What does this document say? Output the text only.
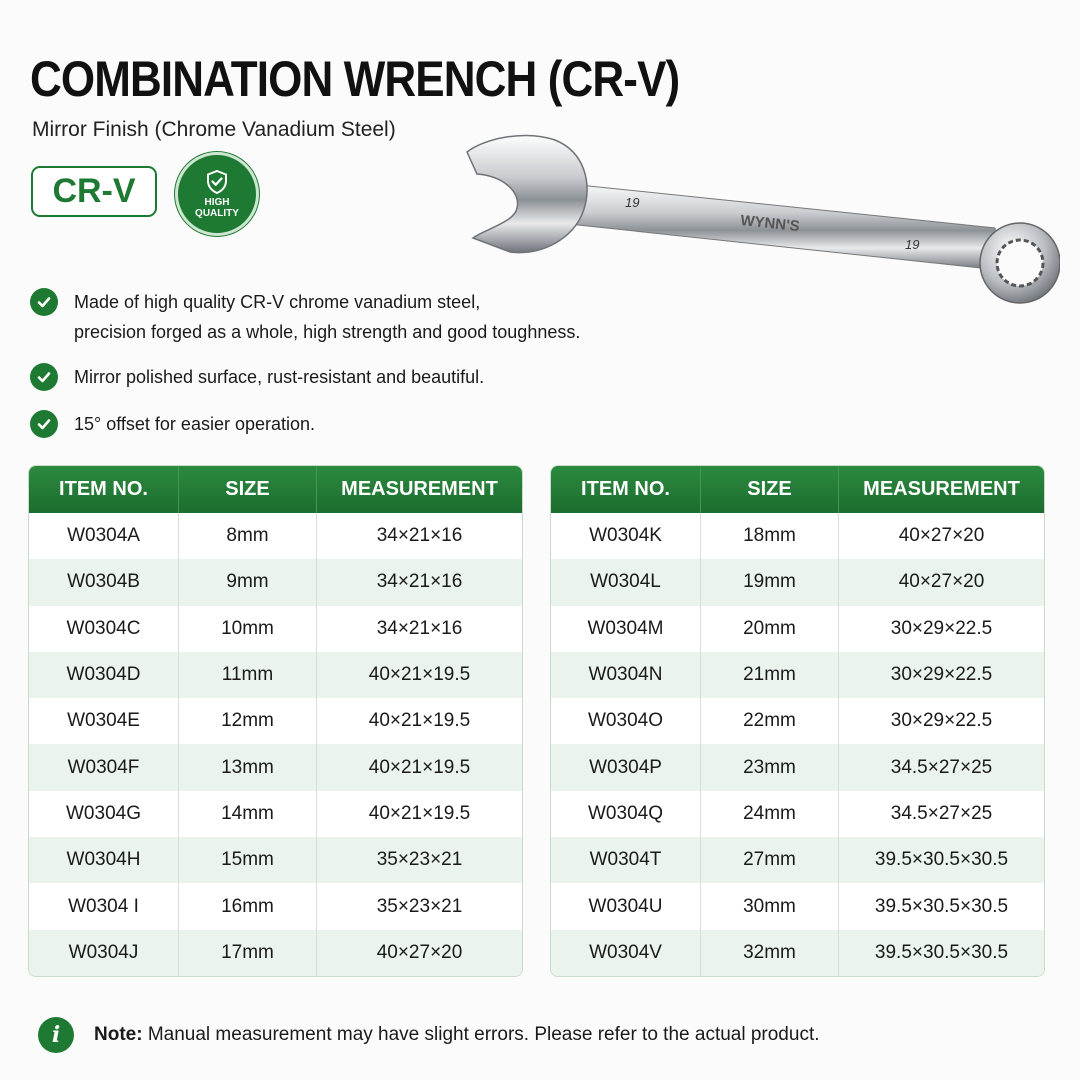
COMBINATION WRENCH (CR-V)
Mirror Finish (Chrome Vanadium Steel)
CR-V	HIGH
QUALITY
19
WYNN'S
19
Made of high quality CR-V chrome vanadium steel,
precision forged as a whole, high strength and good toughness.
Mirror polished surface, rust-resistant and beautiful.
15° offset for easier operation.
ITEM NO.	SIZE	MEASUREMENT
W0304A	8mm	34×21×16
W0304B	9mm	34×21×16
W0304C	10mm	34×21×16
W0304D	11mm	40×21×19.5
W0304E	12mm	40×21×19.5
W0304F	13mm	40×21×19.5
W0304G	14mm	40×21×19.5
W0304H	15mm	35×23×21
W0304 I	16mm	35×23×21
W0304J	17mm	40×27×20
ITEM NO.	SIZE	MEASUREMENT
W0304K	18mm	40×27×20
W0304L	19mm	40×27×20
W0304M	20mm	30×29×22.5
W0304N	21mm	30×29×22.5
W0304O	22mm	30×29×22.5
W0304P	23mm	34.5×27×25
W0304Q	24mm	34.5×27×25
W0304T	27mm	39.5×30.5×30.5
W0304U	30mm	39.5×30.5×30.5
W0304V	32mm	39.5×30.5×30.5
i	Note: Manual measurement may have slight errors. Please refer to the actual product.
